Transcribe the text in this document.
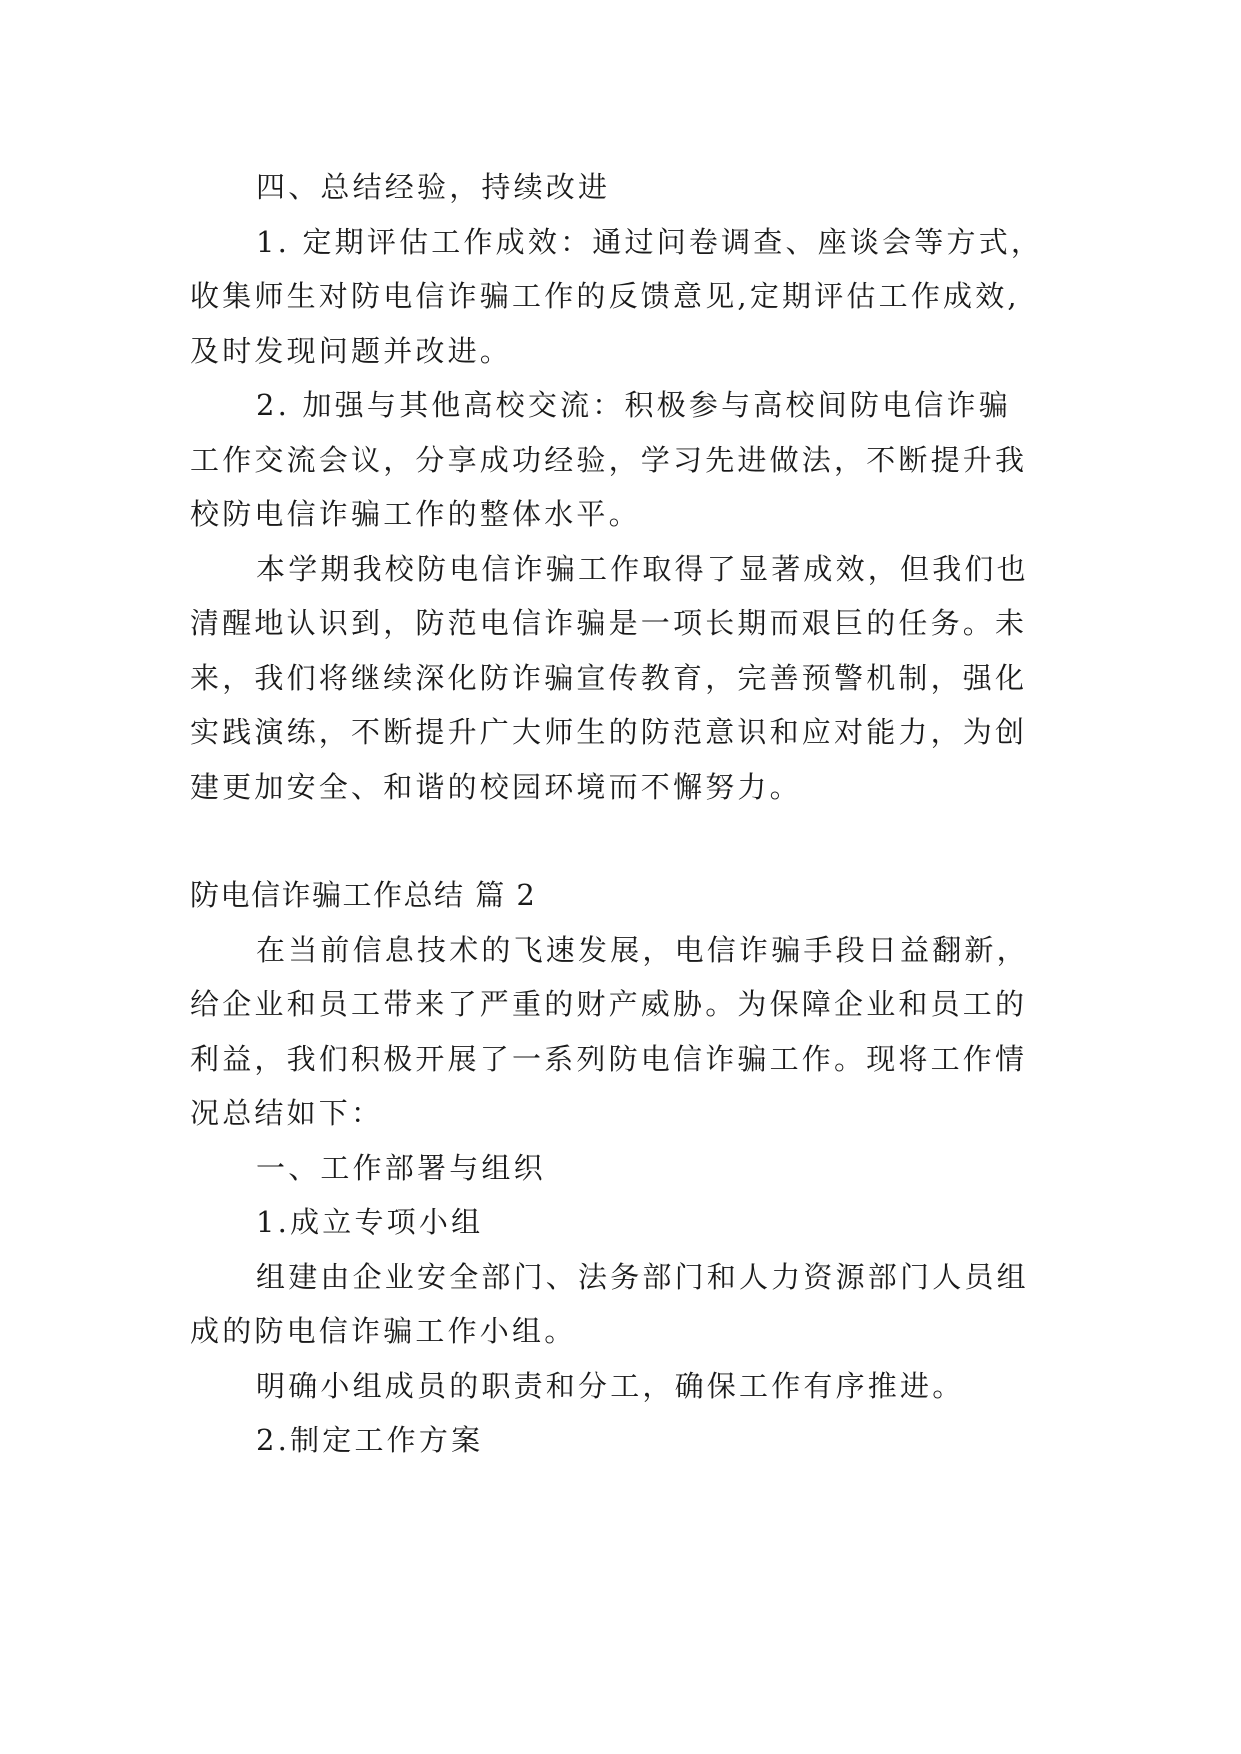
四、总结经验，持续改进

1. 定期评估工作成效：通过问卷调查、座谈会等方式，

收集师生对防电信诈骗工作的反馈意见,定期评估工作成效,

及时发现问题并改进。

2. 加强与其他高校交流：积极参与高校间防电信诈骗

工作交流会议，分享成功经验，学习先进做法，不断提升我

校防电信诈骗工作的整体水平。

本学期我校防电信诈骗工作取得了显著成效，但我们也

清醒地认识到，防范电信诈骗是一项长期而艰巨的任务。未

来，我们将继续深化防诈骗宣传教育，完善预警机制，强化

实践演练，不断提升广大师生的防范意识和应对能力，为创

建更加安全、和谐的校园环境而不懈努力。

防电信诈骗工作总结 篇 2

在当前信息技术的飞速发展，电信诈骗手段日益翻新，

给企业和员工带来了严重的财产威胁。为保障企业和员工的

利益，我们积极开展了一系列防电信诈骗工作。现将工作情

况总结如下：

一、工作部署与组织

1.成立专项小组

组建由企业安全部门、法务部门和人力资源部门人员组

成的防电信诈骗工作小组。

明确小组成员的职责和分工，确保工作有序推进。

2.制定工作方案
